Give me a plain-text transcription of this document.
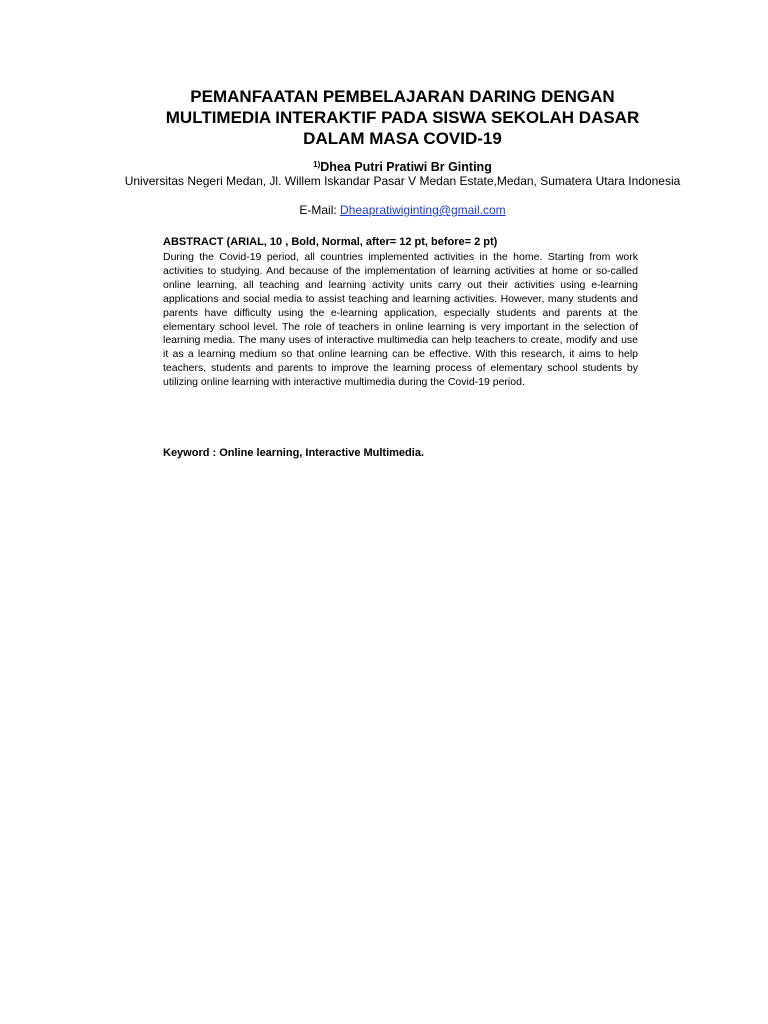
PEMANFAATAN PEMBELAJARAN DARING DENGAN
MULTIMEDIA INTERAKTIF PADA SISWA SEKOLAH DASAR
DALAM MASA COVID-19

$^{1)}$Dhea Putri Pratiwi Br Ginting

Universitas Negeri Medan, Jl. Willem Iskandar Pasar V Medan Estate,Medan, Sumatera Utara Indonesia

E-Mail: Dheapratiwiginting@gmail.com

ABSTRACT (ARIAL, 10 , Bold, Normal, after= 12 pt, before= 2 pt)

During the Covid-19 period, all countries implemented activities in the home. Starting from work activities to studying. And because of the implementation of learning activities at home or so-called online learning, all teaching and learning activity units carry out their activities using e-learning applications and social media to assist teaching and learning activities. However, many students and parents have difficulty using the e-learning application, especially students and parents at the elementary school level. The role of teachers in online learning is very important in the selection of learning media. The many uses of interactive multimedia can help teachers to create, modify and use it as a learning medium so that online learning can be effective. With this research, it aims to help teachers, students and parents to improve the learning process of elementary school students by utilizing online learning with interactive multimedia during the Covid-19 period.

Keyword : Online learning, Interactive Multimedia.
